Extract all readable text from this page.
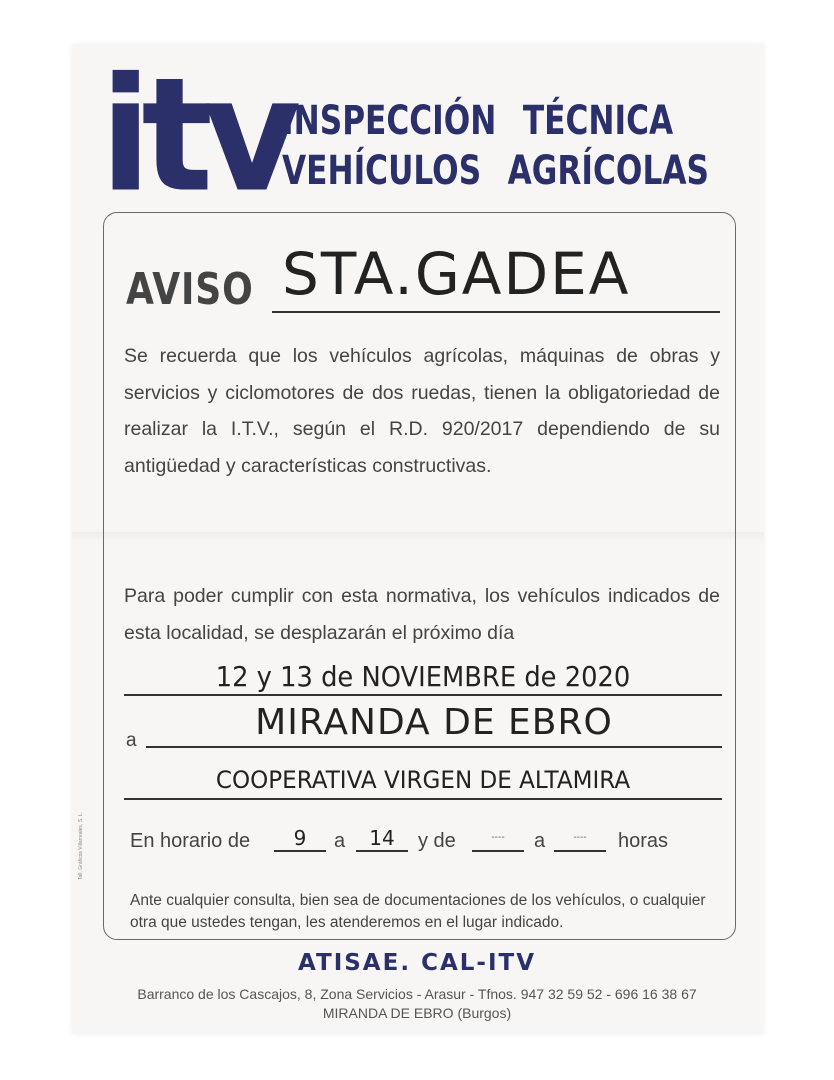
itv
INSPECCIÓN TÉCNICA
VEHÍCULOS AGRÍCOLAS
AVISO STA.GADEA
Se recuerda que los vehículos agrícolas, máquinas de obras y servicios y ciclomotores de dos ruedas, tienen la obligatoriedad de realizar la I.T.V., según el R.D. 920/2017 dependiendo de su antigüedad y características constructivas.
Para poder cumplir con esta normativa, los vehículos indicados de esta localidad, se desplazarán el próximo día
12 y 13 de NOVIEMBRE de 2020
a	MIRANDA DE EBRO
COOPERATIVA VIRGEN DE ALTAMIRA
En horario de	9	a	14	y de	----	a	----	horas
Ante cualquier consulta, bien sea de documentaciones de los vehículos, o cualquier otra que ustedes tengan, les atenderemos en el lugar indicado.
Tall. Gráficos Villarreales, S. L.
ATISAE. CAL-ITV
Barranco de los Cascajos, 8, Zona Servicios - Arasur - Tfnos. 947 32 59 52 - 696 16 38 67
MIRANDA DE EBRO (Burgos)
